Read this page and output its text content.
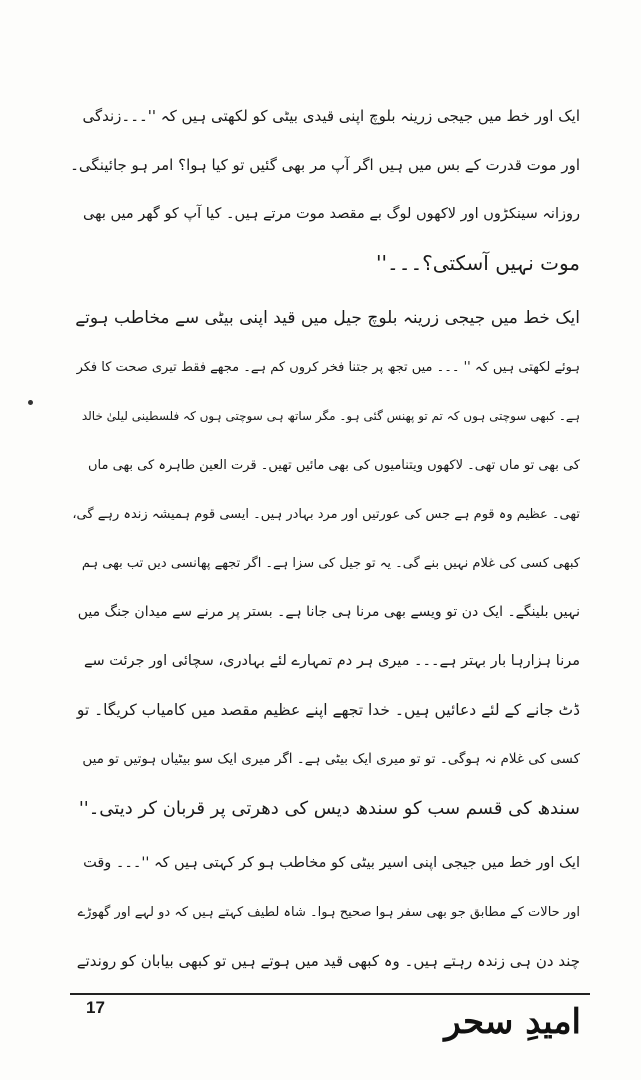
ایک اور خط میں جیجی زرینہ بلوچ اپنی قیدی بیٹی کو لکھتی ہیں کہ ''۔۔۔زندگی
اور موت قدرت کے بس میں ہیں اگر آپ مر بھی گئیں تو کیا ہوا؟ امر ہو جائینگی۔
روزانہ سینکڑوں اور لاکھوں لوگ بے مقصد موت مرتے ہیں۔ کیا آپ کو گھر میں بھی
موت نہیں آسکتی؟۔۔۔''
ایک خط میں جیجی زرینہ بلوچ جیل میں قید اپنی بیٹی سے مخاطب ہوتے
ہوئے لکھتی ہیں کہ '' ۔۔۔ میں تجھ پر جتنا فخر کروں کم ہے۔ مجھے فقط تیری صحت کا فکر
ہے۔ کبھی سوچتی ہوں کہ تم تو پھنس گئی ہو۔ مگر ساتھ ہی سوچتی ہوں کہ فلسطینی لیلیٰ خالد
کی بھی تو ماں تھی۔ لاکھوں ویتنامیوں کی بھی مائیں تھیں۔ قرت العین طاہرہ کی بھی ماں
تھی۔ عظیم وہ قوم ہے جس کی عورتیں اور مرد بہادر ہیں۔ ایسی قوم ہمیشہ زندہ رہے گی،
کبھی کسی کی غلام نہیں بنے گی۔ یہ تو جیل کی سزا ہے۔ اگر تجھے پھانسی دیں تب بھی ہم
نہیں بلینگے۔ ایک دن تو ویسے بھی مرنا ہی جانا ہے۔ بستر پر مرنے سے میدان جنگ میں
مرنا ہزارہا بار بہتر ہے۔۔۔ میری ہر دم تمہارے لئے بہادری، سچائی اور جرئت سے
ڈٹ جانے کے لئے دعائیں ہیں۔ خدا تجھے اپنے عظیم مقصد میں کامیاب کریگا۔ تو
کسی کی غلام نہ ہوگی۔ تو تو میری ایک بیٹی ہے۔ اگر میری ایک سو بیٹیاں ہوتیں تو میں
سندھ کی قسم سب کو سندھ دیس کی دھرتی پر قربان کر دیتی۔''
ایک اور خط میں جیجی اپنی اسیر بیٹی کو مخاطب ہو کر کہتی ہیں کہ ''۔۔۔ وقت
اور حالات کے مطابق جو بھی سفر ہوا صحیح ہوا۔ شاہ لطیف کہتے ہیں کہ دو لہے اور گھوڑے
چند دن ہی زندہ رہتے ہیں۔ وہ کبھی قید میں ہوتے ہیں تو کبھی بیابان کو روندتے
17	امیدِ سحر
